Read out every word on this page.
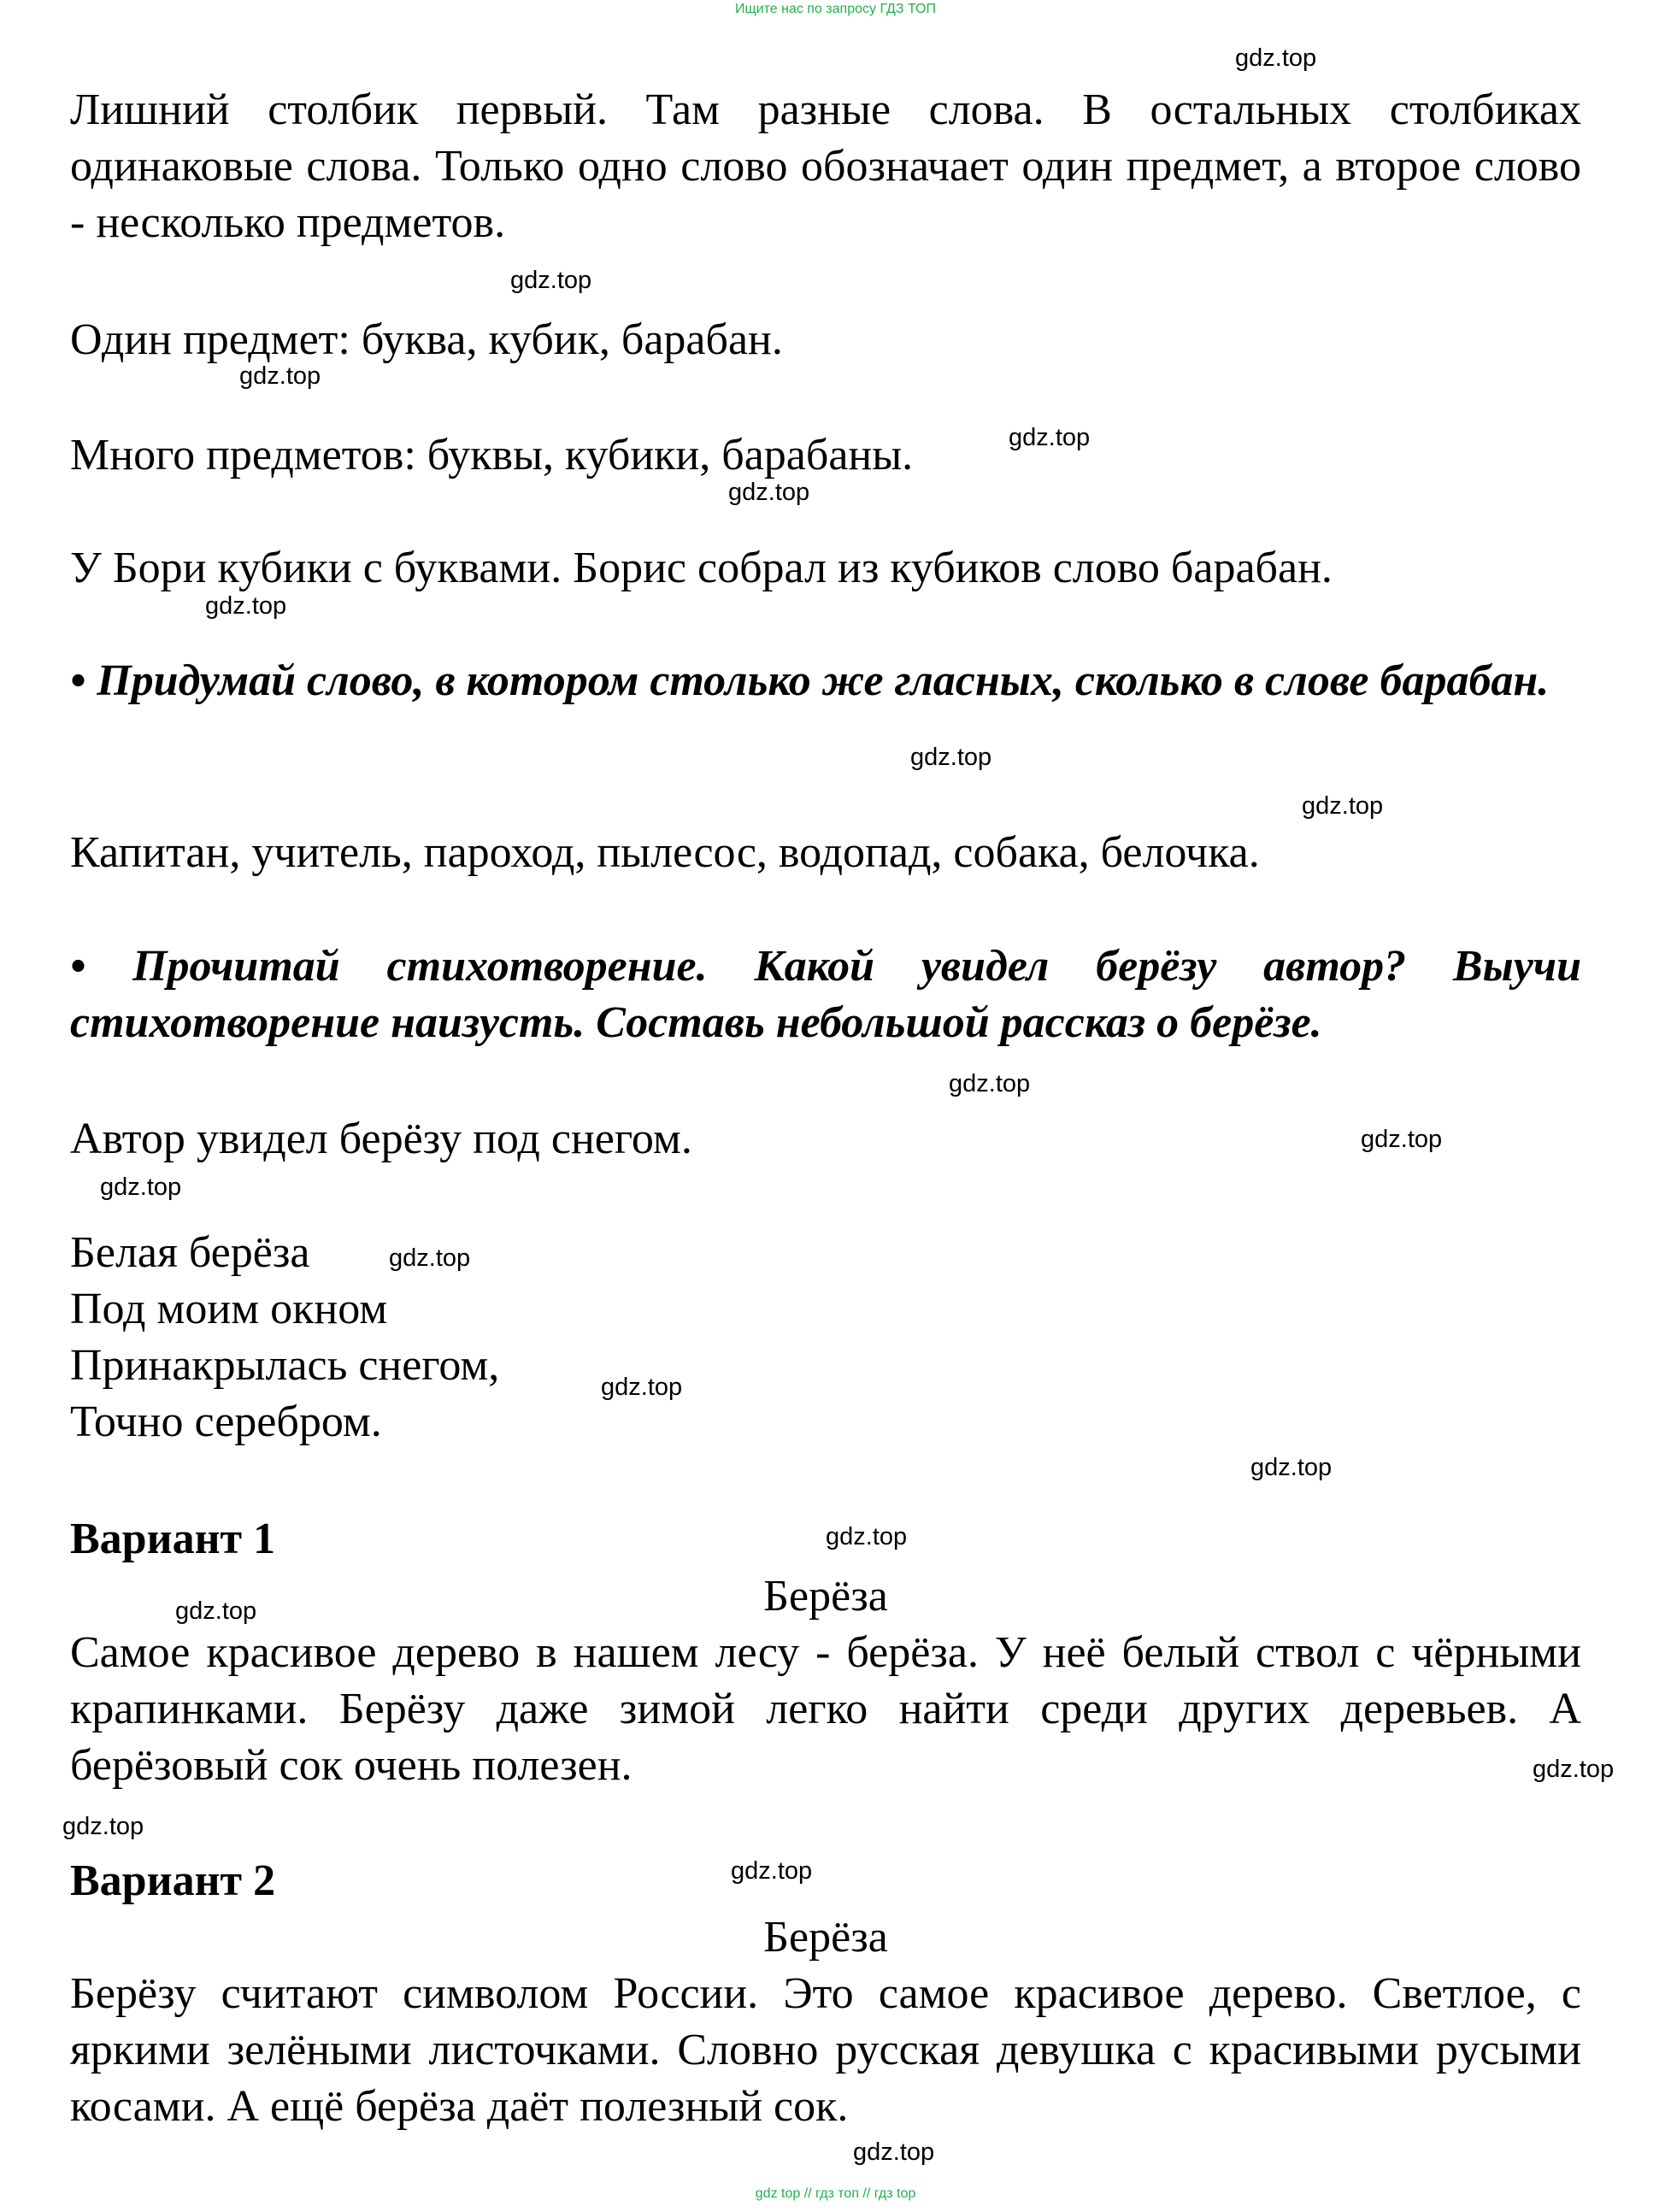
Ищите нас по запросу ГДЗ ТОП

Лишний столбик первый. Там разные слова. В остальных столбиках одинаковые слова. Только одно слово обозначает один предмет, а второе слово - несколько предметов.

Один предмет: буква, кубик, барабан.
Много предметов: буквы, кубики, барабаны.
У Бори кубики с буквами. Борис собрал из кубиков слово барабан.

• Придумай слово, в котором столько же гласных, сколько в слове барабан.

Капитан, учитель, пароход, пылесос, водопад, собака, белочка.

• Прочитай стихотворение. Какой увидел берёзу автор? Выучи стихотворение наизусть. Составь небольшой рассказ о берёзе.

Автор увидел берёзу под снегом.
Белая берёза
Под моим окном
Принакрылась снегом,
Точно серебром.
Вариант 1
Берёза

Самое красивое дерево в нашем лесу - берёза. У неё белый ствол с чёрными крапинками. Берёзу даже зимой легко найти среди других деревьев. А берёзовый сок очень полезен.

Вариант 2
Берёза

Берёзу считают символом России. Это самое красивое дерево. Светлое, с яркими зелёными листочками. Словно русская девушка с красивыми русыми косами. А ещё берёза даёт полезный сок.

gdz.top
gdz.top
gdz.top
gdz.top
gdz.top
gdz.top
gdz.top
gdz.top
gdz.top
gdz.top
gdz.top
gdz.top
gdz.top
gdz.top
gdz.top
gdz.top
gdz.top
gdz.top
gdz.top
gdz.top
gdz top // гдз топ // гдз top
